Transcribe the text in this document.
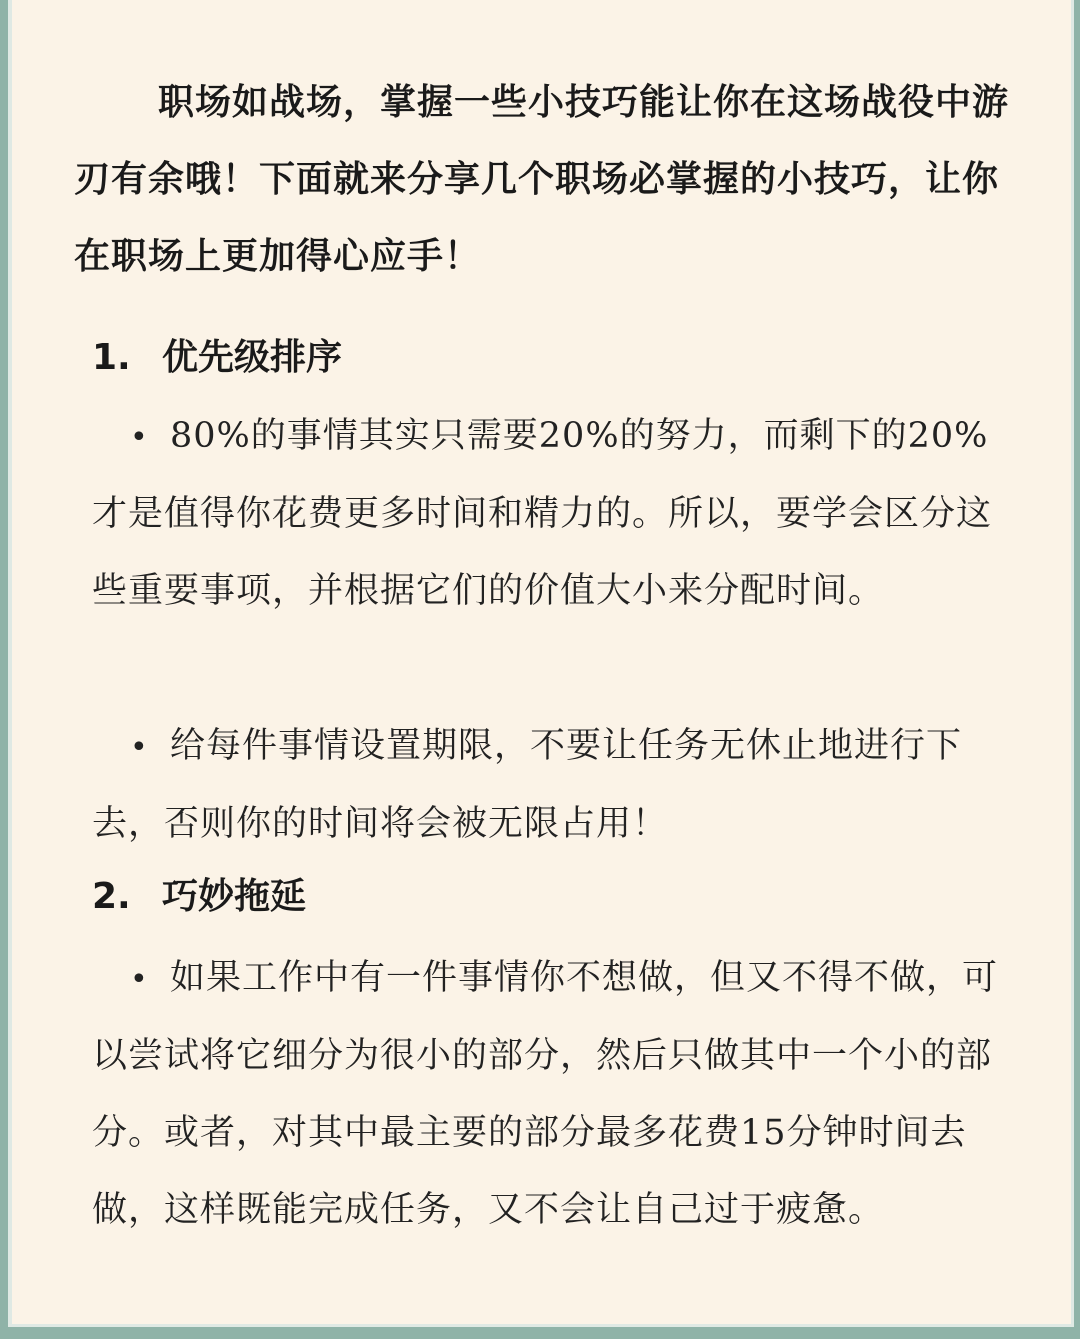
职场如战场，掌握一些小技巧能让你在这场战役中游刃有余哦！下面就来分享几个职场必掌握的小技巧，让你在职场上更加得心应手！

1. 优先级排序

• 80%的事情其实只需要20%的努力，而剩下的20%才是值得你花费更多时间和精力的。所以，要学会区分这些重要事项，并根据它们的价值大小来分配时间。

• 给每件事情设置期限，不要让任务无休止地进行下去，否则你的时间将会被无限占用！

2. 巧妙拖延

• 如果工作中有一件事情你不想做，但又不得不做，可以尝试将它细分为很小的部分，然后只做其中一个小的部分。或者，对其中最主要的部分最多花费15分钟时间去做，这样既能完成任务，又不会让自己过于疲惫。
